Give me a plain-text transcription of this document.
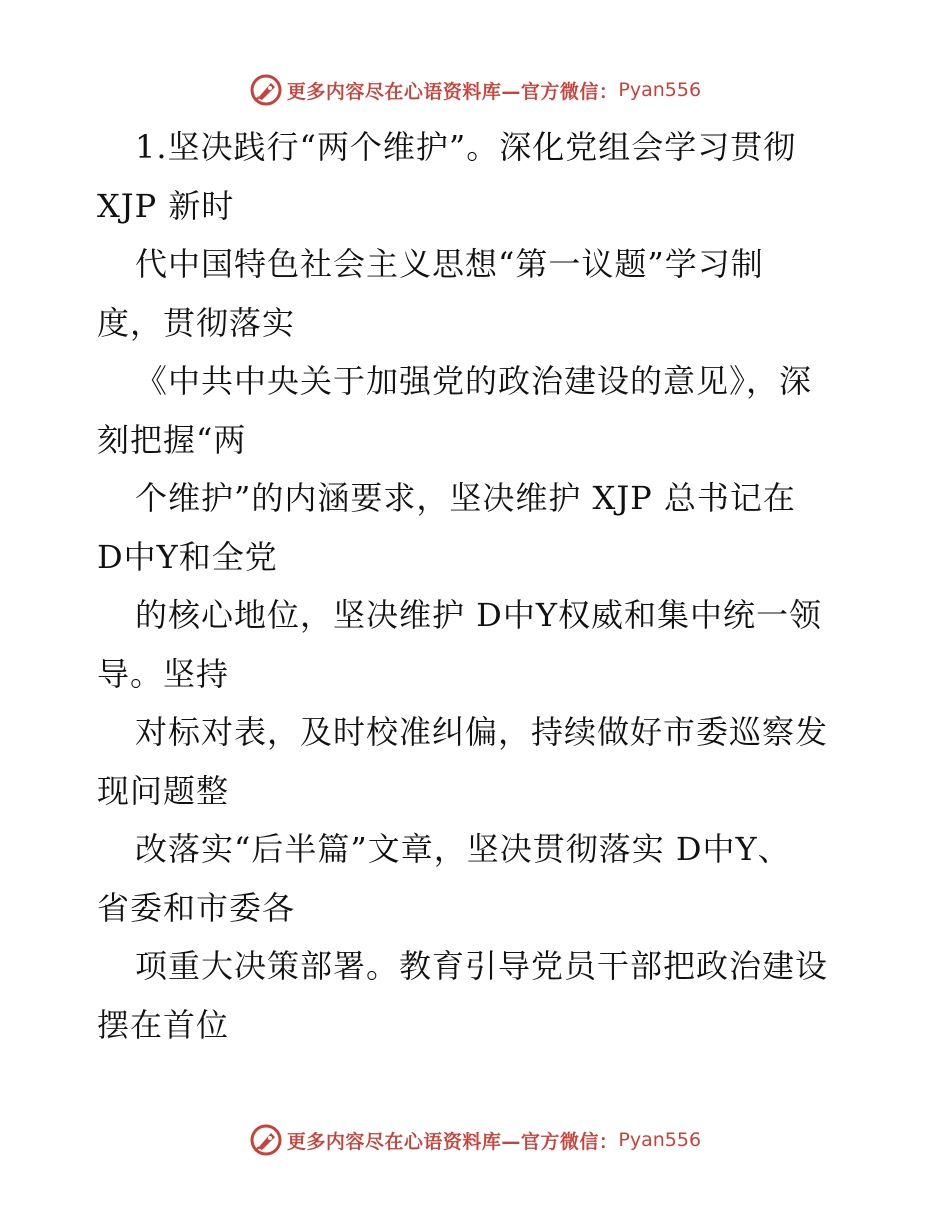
更多内容尽在心语资料库—官方微信： Pyan556
1.坚决践行“两个维护”。深化党组会学习贯彻
XJP 新时
代中国特色社会主义思想“第一议题”学习制
度，贯彻落实
《中共中央关于加强党的政治建设的意见》，深
刻把握“两
个维护”的内涵要求，坚决维护 XJP 总书记在
D中Y和全党
的核心地位，坚决维护 D中Y权威和集中统一领
导。坚持
对标对表，及时校准纠偏，持续做好市委巡察发
现问题整
改落实“后半篇”文章，坚决贯彻落实 D中Y、
省委和市委各
项重大决策部署。教育引导党员干部把政治建设
摆在首位
更多内容尽在心语资料库—官方微信： Pyan556
